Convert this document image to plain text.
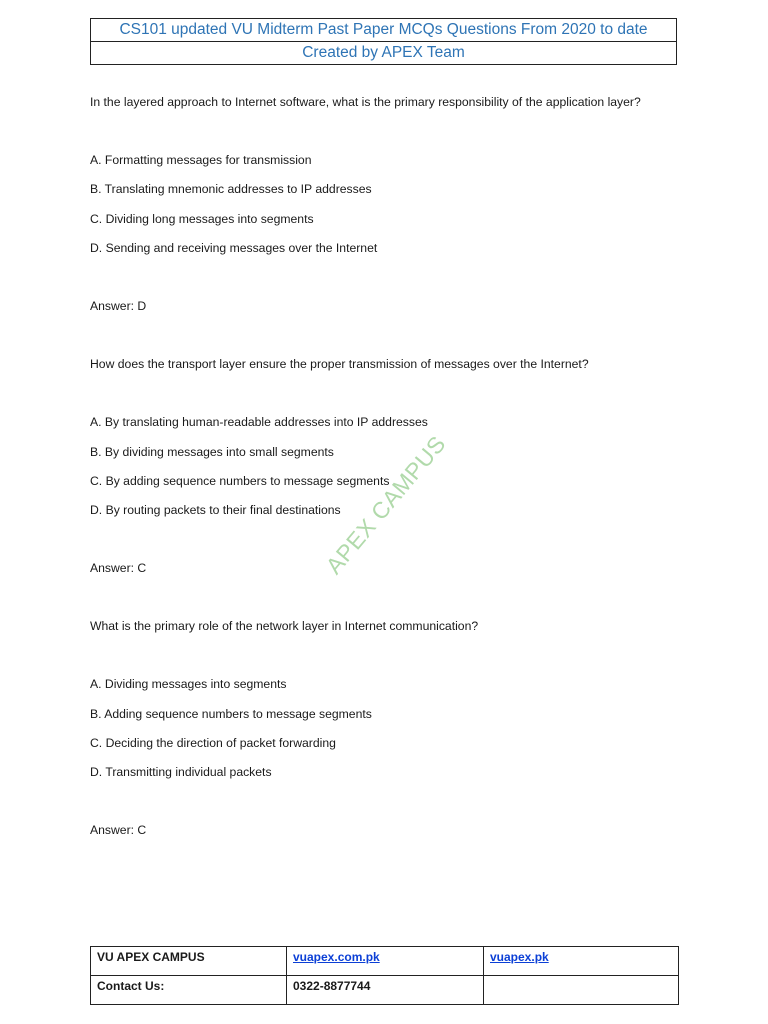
CS101 updated VU Midterm Past Paper MCQs Questions From 2020 to date
Created by APEX Team
In the layered approach to Internet software, what is the primary responsibility of the application layer?
A. Formatting messages for transmission
B. Translating mnemonic addresses to IP addresses
C. Dividing long messages into segments
D. Sending and receiving messages over the Internet
Answer: D
How does the transport layer ensure the proper transmission of messages over the Internet?
A. By translating human-readable addresses into IP addresses
B. By dividing messages into small segments
C. By adding sequence numbers to message segments
D. By routing packets to their final destinations
Answer: C
What is the primary role of the network layer in Internet communication?
A. Dividing messages into segments
B. Adding sequence numbers to message segments
C. Deciding the direction of packet forwarding
D. Transmitting individual packets
Answer: C
APEX CAMPUS
VU APEX CAMPUS	vuapex.com.pk	vuapex.pk
Contact Us:	0322-8877744	
